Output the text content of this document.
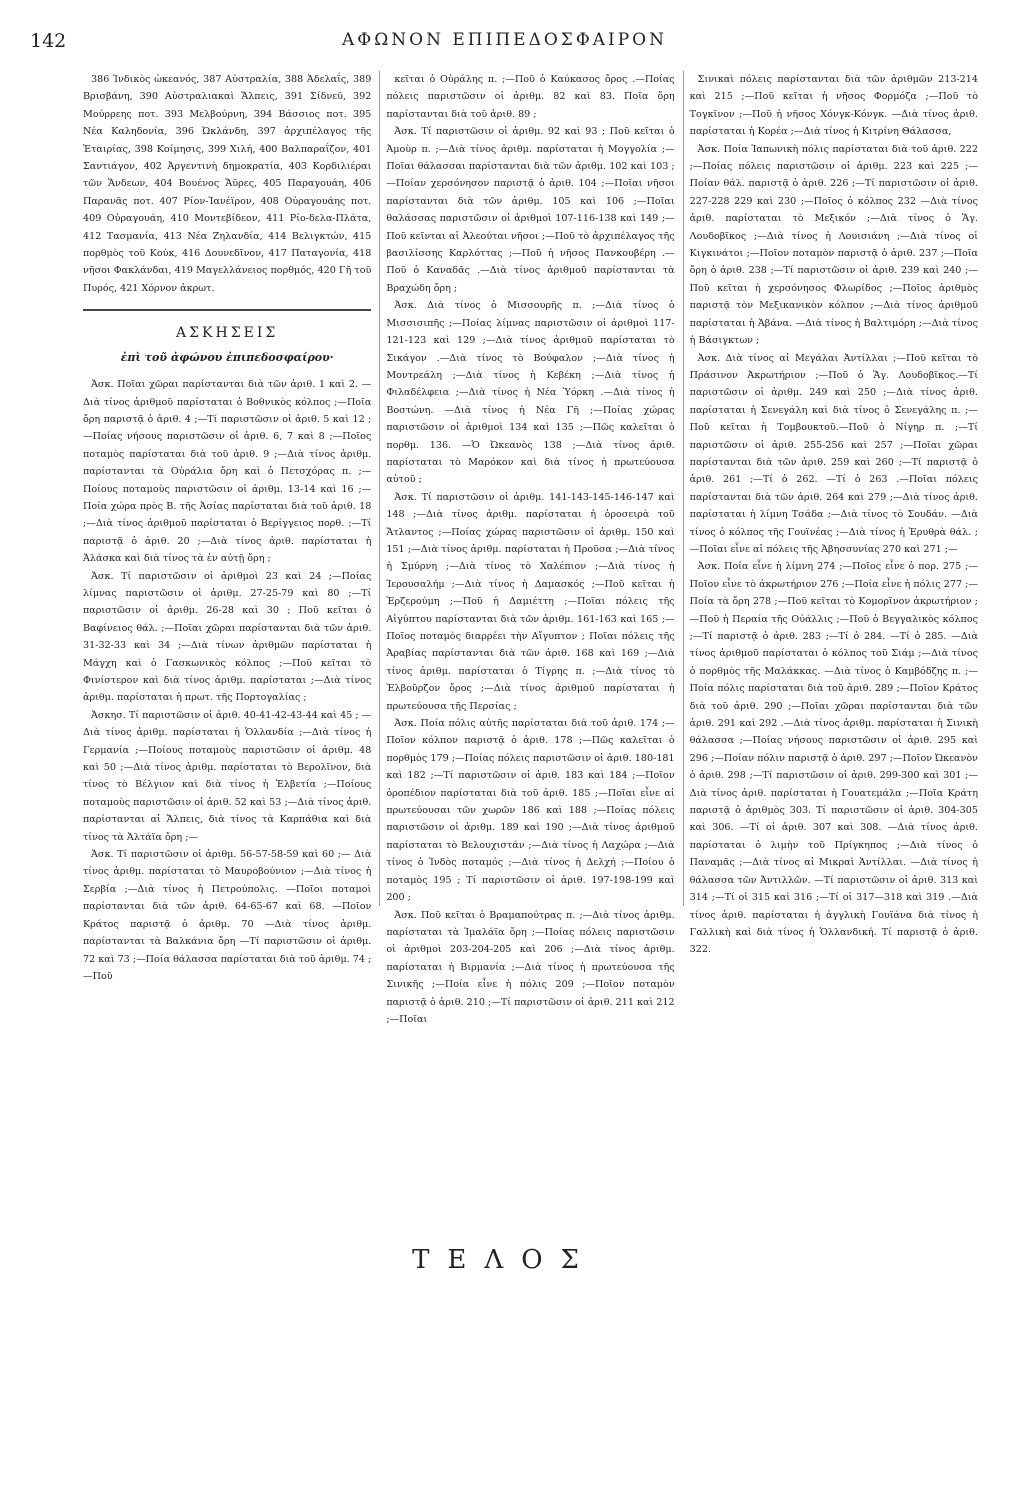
142	ΑΦΩΝΟΝ ΕΠΙΠΕΔΟΣΦΑΙΡΟΝ

386 Ἰνδικὸς ὠκεανός, 387 Αὐστραλία, 388 Ἀδελαΐς, 389 Βρισβάνη, 390 Αὐστραλιακαὶ Ἄλπεις, 391 Σίδνεϋ, 392 Μούρρεης ποτ. 393 Μελβούρνη, 394 Βάσσιος ποτ. 395 Νέα Καληδονία, 396 Ὠκλάνδη, 397 ἀρχιπέλαγος τῆς Ἑταιρίας, 398 Κοίμησις, 399 Χιλή, 400 Βαλπαραΐζον, 401 Σαντιάγον, 402 Ἀργεντινὴ δημοκρατία, 403 Κορδιλιέραι τῶν Ἄνδεων, 404 Βουένος Ἄϋρες, 405 Παραγουάη, 406 Παρανᾶς ποτ. 407 Ρίον-Ἰανέϊρον, 408 Οὐραγουάης ποτ. 409 Οὐραγουάη, 410 Μοντεβίδεον, 411 Ρίο-δελα-Πλάτα, 412 Τασμανία, 413 Νέα Ζηλανδία, 414 Βελιγκτών, 415 πορθμὸς τοῦ Κούκ, 416 Δουνεδῖνον, 417 Παταγονία, 418 νῆσοι Φακλάνδαι, 419 Μαγελλάνειος πορθμός, 420 Γῆ τοῦ Πυρός, 421 Χόρνον ἀκρωτ.

ΑΣΚΗΣΕΙΣ
ἐπὶ τοῦ ἀφώνου ἐπιπεδοσφαίρου·

Ἀσκ. Ποῖαι χῶραι παρίστανται διὰ τῶν ἀριθ. 1 καὶ 2. —Διὰ τίνος ἀριθμοῦ παρίσταται ὁ Βοθνικὸς κόλπος ;—Ποῖα ὄρη παριστᾷ ὁ ἀριθ. 4 ;—Τί παριστῶσιν οἱ ἀριθ. 5 καὶ 12 ;—Ποίας νήσους παριστῶσιν οἱ ἀριθ. 6, 7 καὶ 8 ;—Ποῖος ποταμὸς παρίσταται διὰ τοῦ ἀριθ. 9 ;—Διὰ τίνος ἀριθμ. παρίστανται τὰ Οὐράλια ὄρη καὶ ὁ Πετσχόρας π. ;—Ποίους ποταμοὺς παριστῶσιν οἱ ἀριθμ. 13-14 καὶ 16 ;—Ποία χώρα πρὸς Β. τῆς Ἀσίας παρίσταται διὰ τοῦ ἀριθ. 18 ;—Διὰ τίνος ἀριθμοῦ παρίσταται ὁ Βερίγγειος πορθ. ;—Τί παριστᾷ ὁ ἀριθ. 20 ;—Διὰ τίνος ἀριθ. παρίσταται ἡ Ἀλάσκα καὶ διὰ τίνος τὰ ἐν αὐτῇ ὄρη ;

Ἀσκ. Τί παριστῶσιν οἱ ἀριθμοὶ 23 καὶ 24 ;—Ποίας λίμνας παριστῶσιν οἱ ἀριθμ. 27-25-79 καὶ 80 ;—Τί παριστῶσιν οἱ ἀριθμ. 26-28 καὶ 30 ; Ποῦ κεῖται ὁ Βαφίνειος θάλ. ;—Ποῖαι χῶραι παρίστανται διὰ τῶν ἀριθ. 31-32-33 καὶ 34 ;—Διὰ τίνων ἀριθμῶν παρίσταται ἡ Μάγχη καὶ ὁ Γασκωνικὸς κόλπος ;—Ποῦ κεῖται τὸ Φινίστερον καὶ διὰ τίνος ἀριθμ. παρίσταται ;—Διὰ τίνος ἀριθμ. παρίσταται ἡ πρωτ. τῆς Πορτογαλίας ;

Ἀσκησ. Τί παριστῶσιν οἱ ἀριθ. 40-41-42-43-44 καὶ 45 ; — Διὰ τίνος ἀριθμ. παρίσταται ἡ Ὁλλανδία ;—Διὰ τίνος ἡ Γερμανία ;—Ποίους ποταμοὺς παριστῶσιν οἱ ἀριθμ. 48 καὶ 50 ;—Διὰ τίνος ἀριθμ. παρίσταται τὸ Βερολῖνον, διὰ τίνος τὸ Βέλγιον καὶ διὰ τίνος ἡ Ἑλβετία ;—Ποίους ποταμοὺς παριστῶσιν οἱ ἀριθ. 52 καὶ 53 ;—Διὰ τίνος ἀριθ. παρίστανται αἱ Ἄλπεις, διὰ τίνος τὰ Καρπάθια καὶ διὰ τίνος τὰ Ἀλτάϊα ὄρη ;—

Ἀσκ. Τί παριστῶσιν οἱ ἀριθμ. 56-57-58-59 καὶ 60 ;— Διὰ τίνος ἀριθμ. παρίσταται τὸ Μαυροβούνιον ;—Διὰ τίνος ἡ Σερβία ;—Διὰ τίνος ἡ Πετρούπολις. —Ποῖοι ποταμοὶ παρίστανται διὰ τῶν ἀριθ. 64-65-67 καὶ 68. —Ποῖον Κράτος παριστᾷ ὁ ἀριθμ. 70 —Διὰ τίνος ἀριθμ. παρίστανται τὰ Βαλκάνια ὄρη —Τί παριστῶσιν οἱ ἀριθμ. 72 καὶ 73 ;—Ποία θάλασσα παρίσταται διὰ τοῦ ἀριθμ. 74 ;—Ποῦ

κεῖται ὁ Οὐράλης π. ;—Ποῦ ὁ Καύκασος ὄρος .—Ποίας πόλεις παριστῶσιν οἱ ἀριθμ. 82 καὶ 83. Ποῖα ὄρη παρίστανται διὰ τοῦ ἀριθ. 89 ;

Ἀσκ. Τί παριστῶσιν οἱ ἀριθμ. 92 καὶ 93 ; Ποῦ κεῖται ὁ Ἀμοὺρ π. ;—Διὰ τίνος ἀριθμ. παρίσταται ἡ Μογγολία ;—Ποῖαι θάλασσαι παρίστανται διὰ τῶν ἀριθμ. 102 καὶ 103 ;—Ποίαν χερσόνησον παριστᾷ ὁ ἀριθ. 104 ;—Ποῖαι νῆσοι παρίστανται διὰ τῶν ἀριθμ. 105 καὶ 106 ;—Ποῖαι θαλάσσας παριστῶσιν οἱ ἀριθμοὶ 107-116-138 καὶ 149 ;—Ποῦ κεῖνται αἱ Ἀλεούται νῆσοι ;—Ποῦ τὸ ἀρχιπέλαγος τῆς βασιλίσσης Καρλόττας ;—Ποῦ ἡ νῆσος Πανκουβέρη .—Ποῦ ὁ Καναδᾶς .—Διὰ τίνος ἀριθμοῦ παρίστανται τὰ Βραχώδη ὄρη ;

Ἀσκ. Διὰ τίνος ὁ Μισσουρῆς π. ;—Διὰ τίνος ὁ Μισσισιπῆς ;—Ποίας λίμνας παριστῶσιν οἱ ἀριθμοὶ 117-121-123 καὶ 129 ;—Διὰ τίνος ἀριθμοῦ παρίσταται τὸ Σικάγον .—Διὰ τίνος τὸ Βούφαλον ;—Διὰ τίνος ἡ Μοντρεάλη ;—Διὰ τίνος ἡ Κεβέκη ;—Διὰ τίνος ἡ Φιλαδέλφεια ;—Διὰ τίνος ἡ Νέα Ὑόρκη .—Διὰ τίνος ἡ Βοστώνη. —Διὰ τίνος ἡ Νέα Γῆ ;—Ποίας χώρας παριστῶσιν οἱ ἀριθμοὶ 134 καὶ 135 ;—Πῶς καλεῖται ὁ πορθμ. 136. —Ὁ Ὠκεανὸς 138 ;—Διὰ τίνος ἀριθ. παρίσταται τὸ Μαρόκον καὶ διὰ τίνος ἡ πρωτεύουσα αὐτοῦ ;

Ἀσκ. Τί παριστῶσιν οἱ ἀριθμ. 141-143-145-146-147 καὶ 148 ;—Διὰ τίνος ἀριθμ. παρίσταται ἡ ὀροσειρὰ τοῦ Ἄτλαντος ;—Ποίας χώρας παριστῶσιν οἱ ἀριθμ. 150 καὶ 151 ;—Διὰ τίνος ἀριθμ. παρίσταται ἡ Προῦσα ;—Διὰ τίνος ἡ Σμύρνη ;—Διὰ τίνος τὸ Χαλέπιον ;—Διὰ τίνος ἡ Ἱερουσαλήμ ;—Διὰ τίνος ἡ Δαμασκός ;—Ποῦ κεῖται ἡ Ἐρζερούμη ;—Ποῦ ἡ Δαμιέττη ;—Ποῖαι πόλεις τῆς Αἰγύπτου παρίστανται διὰ τῶν ἀριθμ. 161-163 καὶ 165 ;—Ποῖος ποταμὸς διαρρέει τὴν Αἴγυπτον ; Ποῖαι πόλεις τῆς Ἀραβίας παρίστανται διὰ τῶν ἀριθ. 168 καὶ 169 ;—Διὰ τίνος ἀριθμ. παρίσταται ὁ Τίγρης π. ;—Διὰ τίνος τὸ Ἐλβοῦρζον ὄρος ;—Διὰ τίνος ἀριθμοῦ παρίσταται ἡ πρωτεύουσα τῆς Περσίας ;

Ἀσκ. Ποία πόλις αὐτῆς παρίσταται διὰ τοῦ ἀριθ. 174 ;—Ποῖον κόλπον παριστᾷ ὁ ἀριθ. 178 ;—Πῶς καλεῖται ὁ πορθμὸς 179 ;—Ποίας πόλεις παριστῶσιν οἱ ἀριθ. 180-181 καὶ 182 ;—Τί παριστῶσιν οἱ ἀριθ. 183 καὶ 184 ;—Ποῖον ὀροπέδιον παρίσταται διὰ τοῦ ἀριθ. 185 ;—Ποῖαι εἶνε αἱ πρωτεύουσαι τῶν χωρῶν 186 καὶ 188 ;—Ποίας πόλεις παριστῶσιν οἱ ἀριθμ. 189 καὶ 190 ;—Διὰ τίνος ἀριθμοῦ παρίσταται τὸ Βελουχιστάν ;—Διὰ τίνος ἡ Λαχώρα ;—Διὰ τίνος ὁ Ἰνδὸς ποταμός ;—Διὰ τίνος ἡ Δελχή ;—Ποίου ὁ ποταμὸς 195 ; Τί παριστῶσιν οἱ ἀριθ. 197-198-199 καὶ 200 ;

Ἀσκ. Ποῦ κεῖται ὁ Βραμαπούτρας π. ;—Διὰ τίνος ἀριθμ. παρίσταται τὰ Ἱμαλάϊα ὄρη ;—Ποίας πόλεις παριστῶσιν οἱ ἀριθμοὶ 203-204-205 καὶ 206 ;—Διὰ τίνος ἀριθμ. παρίσταται ἡ Βιρμανία ;—Διὰ τίνος ἡ πρωτεύουσα τῆς Σινικῆς ;—Ποία εἶνε ἡ πόλις 209 ;—Ποῖον ποταμὸν παριστᾷ ὁ ἀριθ. 210 ;—Τί παριστῶσιν οἱ ἀριθ. 211 καὶ 212 ;—Ποῖαι

Σινικαὶ πόλεις παρίστανται διὰ τῶν ἀριθμῶν 213-214 καὶ 215 ;—Ποῦ κεῖται ἡ νῆσος Φορμόζα ;—Ποῦ τὸ Τογκῖνον ;—Ποῦ ἡ νῆσος Χόνγκ-Κόνγκ. —Διὰ τίνος ἀριθ. παρίσταται ἡ Κορέα ;—Διὰ τίνος ἡ Κιτρίνη Θάλασσα,

Ἀσκ. Ποία Ἰαπωνικὴ πόλις παρίσταται διὰ τοῦ ἀριθ. 222 ;—Ποίας πόλεις παριστῶσιν οἱ ἀριθμ. 223 καὶ 225 ;—Ποίαν θάλ. παριστᾷ ὁ ἀριθ. 226 ;—Τί παριστῶσιν οἱ ἀριθ. 227-228 229 καὶ 230 ;—Ποῖος ὁ κόλπος 232 —Διὰ τίνος ἀριθ. παρίσταται τὸ Μεξικόν ;—Διὰ τίνος ὁ Ἅγ. Λουδοβῖκος ;—Διὰ τίνος ἡ Λουισιάνη ;—Διὰ τίνος οἱ Κιγκινάτοι ;—Ποῖον ποταμὸν παριστᾷ ὁ ἀριθ. 237 ;—Ποῖα ὄρη ὁ ἀριθ. 238 ;—Τί παριστῶσιν οἱ ἀριθ. 239 καὶ 240 ;—Ποῦ κεῖται ἡ χερσόνησος Φλωρίδος ;—Ποῖος ἀριθμὸς παριστᾷ τὸν Μεξικανικὸν κόλπον ;—Διὰ τίνος ἀριθμοῦ παρίσταται ἡ Ἀβάνα. —Διὰ τίνος ἡ Βαλτιμόρη ;—Διὰ τίνος ἡ Βάσιγκτων ;

Ἀσκ. Διὰ τίνος αἱ Μεγάλαι Ἀντίλλαι ;—Ποῦ κεῖται τὸ Πράσινον Ἀκρωτήριον ;—Ποῦ ὁ Ἅγ. Λουδοβῖκος.—Τί παριστῶσιν οἱ ἀριθμ. 249 καὶ 250 ;—Διὰ τίνος ἀριθ. παρίσταται ἡ Σενεγάλη καὶ διὰ τίνος ὁ Σενεγάλης π. ;—Ποῦ κεῖται ἡ Τομβουκτοῦ.—Ποῦ ὁ Νίγηρ π. ;—Τί παριστῶσιν οἱ ἀριθ. 255-256 καὶ 257 ;—Ποῖαι χῶραι παρίστανται διὰ τῶν ἀριθ. 259 καὶ 260 ;—Τί παριστᾷ ὁ ἀριθ. 261 ;—Τί ὁ 262. —Τί ὁ 263 .—Ποῖαι πόλεις παρίστανται διὰ τῶν ἀριθ. 264 καὶ 279 ;—Διὰ τίνος ἀριθ. παρίσταται ἡ λίμνη Τσάδα ;—Διὰ τίνος τὸ Σουδάν. —Διὰ τίνος ὁ κόλπος τῆς Γουϊνέας ;—Διὰ τίνος ἡ Ἐρυθρὰ θάλ. ;—Ποῖαι εἶνε αἱ πόλεις τῆς Ἀβησσυνίας 270 καὶ 271 ;—

Ἀσκ. Ποία εἶνε ἡ λίμνη 274 ;—Ποῖος εἶνε ὁ πορ. 275 ;—Ποῖον εἶνε τὸ ἀκρωτήριον 276 ;—Ποία εἶνε ἡ πόλις 277 ;—Ποία τὰ ὄρη 278 ;—Ποῦ κεῖται τὸ Κομορῖνον ἀκρωτήριον ;—Ποῦ ἡ Περαία τῆς Οὐάλλις ;—Ποῦ ὁ Βεγγαλικὸς κόλπος ;—Τί παριστᾷ ὁ ἀριθ. 283 ;—Τί ὁ 284. —Τί ὁ 285. —Διὰ τίνος ἀριθμοῦ παρίσταται ὁ κόλπος τοῦ Σιάμ ;—Διὰ τίνος ὁ πορθμὸς τῆς Μαλάκκας. —Διὰ τίνος ὁ Καμβόδζης π. ;—Ποία πόλις παρίσταται διὰ τοῦ ἀριθ. 289 ;—Ποῖον Κράτος διὰ τοῦ ἀριθ. 290 ;—Ποῖαι χῶραι παρίστανται διὰ τῶν ἀριθ. 291 καὶ 292 .—Διὰ τίνος ἀριθμ. παρίσταται ἡ Σινικὴ θάλασσα ;—Ποίας νήσους παριστῶσιν οἱ ἀριθ. 295 καὶ 296 ;—Ποίαν πόλιν παριστᾷ ὁ ἀριθ. 297 ;—Ποῖον Ὠκεανὸν ὁ ἀριθ. 298 ;—Τί παριστῶσιν οἱ ἀριθ. 299-300 καὶ 301 ;—Διὰ τίνος ἀριθ. παρίσταται ἡ Γουατεμάλα ;—Ποῖα Κράτη παριστᾷ ὁ ἀριθμὸς 303. Τί παριστῶσιν οἱ ἀριθ. 304-305 καὶ 306. —Τί οἱ ἀριθ. 307 καὶ 308. —Διὰ τίνος ἀριθ. παρίσταται ὁ λιμὴν τοῦ Πρίγκηπος ;—Διὰ τίνος ὁ Παναμᾶς ;—Διὰ τίνος αἱ Μικραὶ Ἀντίλλαι. —Διὰ τίνος ἡ θάλασσα τῶν Ἀντιλλῶν. —Τί παριστῶσιν οἱ ἀριθ. 313 καὶ 314 ;—Τί οἱ 315 καὶ 316 ;—Τί οἱ 317—318 καὶ 319 .—Διὰ τίνος ἀριθ. παρίσταται ἡ ἀγγλικὴ Γουϊάνα διὰ τίνος ἡ Γαλλικὴ καὶ διὰ τίνος ἡ Ὁλλανδική. Τί παριστᾷ ὁ ἀριθ. 322.

ΤΕΛΟΣ
